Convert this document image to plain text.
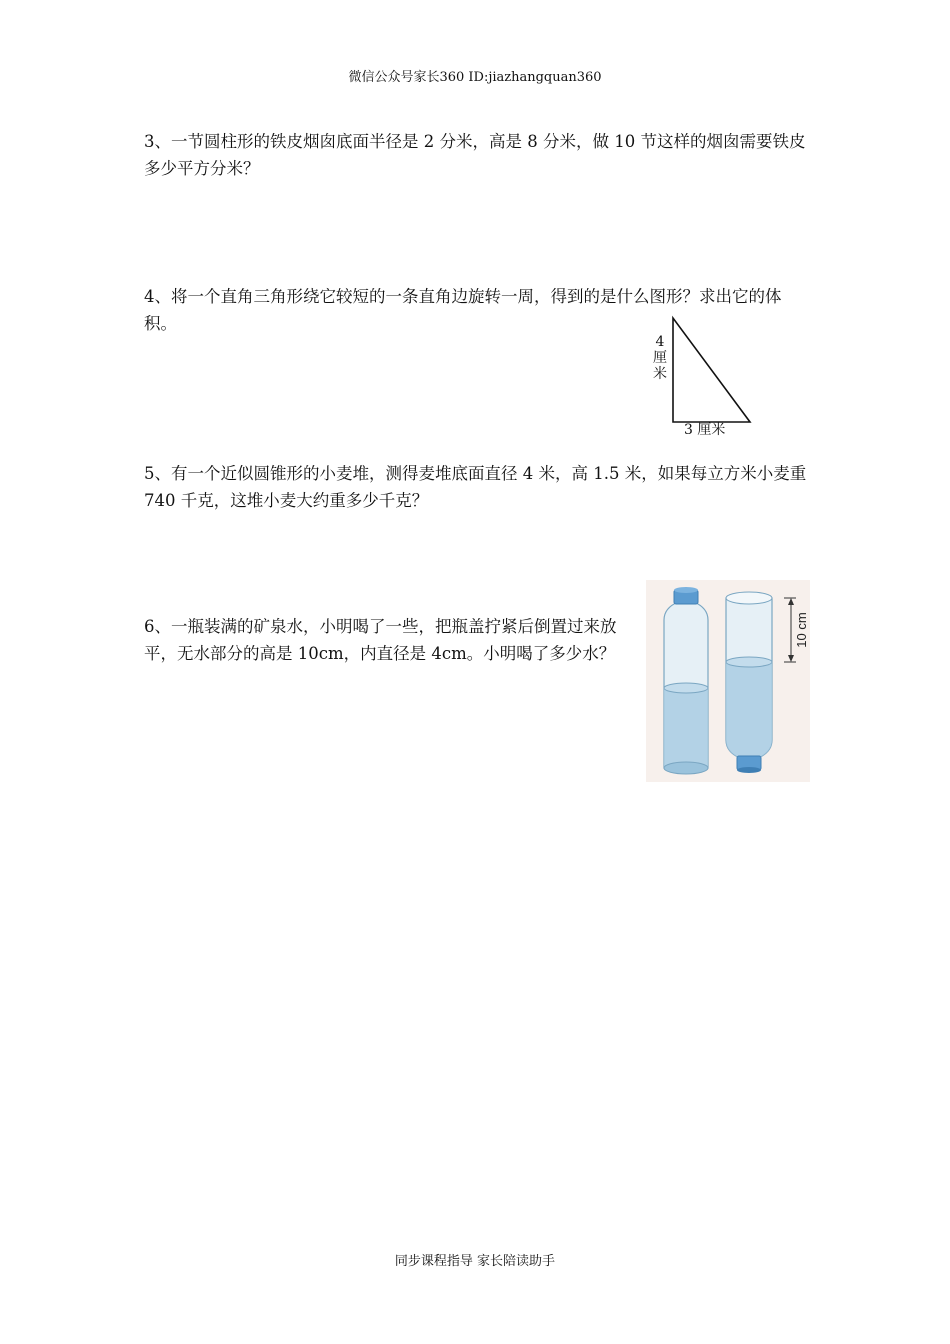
微信公众号家长360 ID:jiazhangquan360
3、一节圆柱形的铁皮烟囱底面半径是 2 分米，高是 8 分米，做 10 节这样的烟囱需要铁皮多少平方分米？
4、将一个直角三角形绕它较短的一条直角边旋转一周，得到的是什么图形？求出它的体积。
4
厘
米
3 厘米
5、有一个近似圆锥形的小麦堆，测得麦堆底面直径 4 米，高 1.5 米，如果每立方米小麦重 740 千克，这堆小麦大约重多少千克？
6、一瓶装满的矿泉水，小明喝了一些，把瓶盖拧紧后倒置过来放平，无水部分的高是 10cm，内直径是 4cm。小明喝了多少水？
10 cm
同步课程指导 家长陪读助手
